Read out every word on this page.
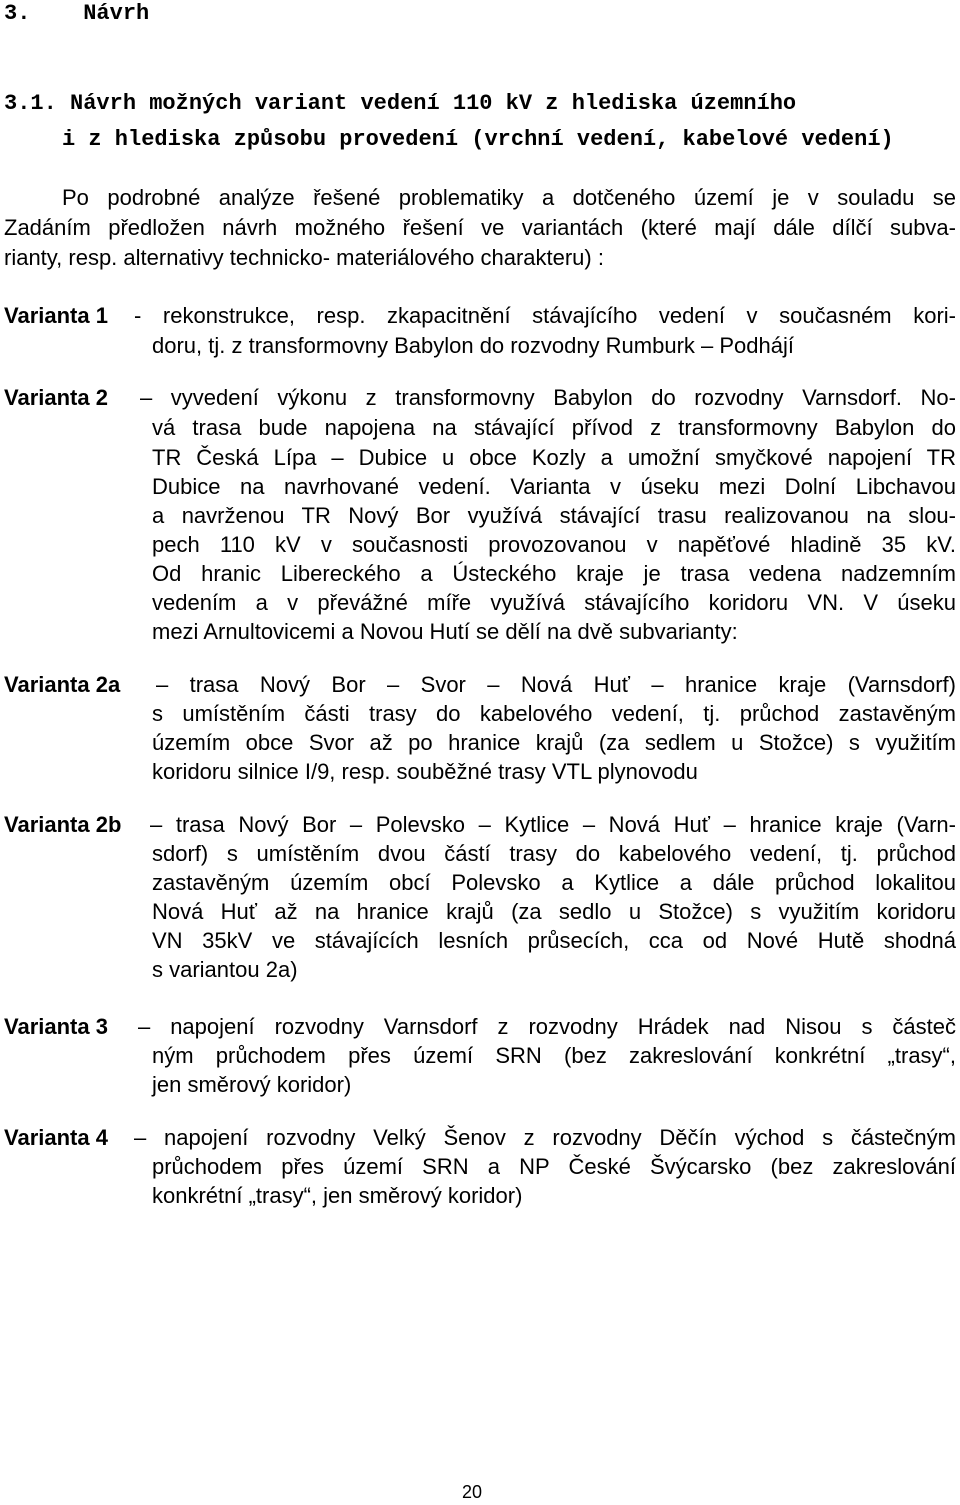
3. Návrh
3.1. Návrh možných variant vedení 110 kV z hlediska územního
i z hlediska způsobu provedení (vrchní vedení, kabelové vedení)
Po podrobné analýze řešené problematiky a dotčeného území je v souladu se
Zadáním předložen návrh možného řešení ve variantách (které mají dále dílčí subva-
rianty, resp. alternativy technicko- materiálového charakteru) :
Varianta 1 - rekonstrukce, resp. zkapacitnění stávajícího vedení v současném kori-
doru, tj. z transformovny Babylon do rozvodny Rumburk – Podhájí
Varianta 2 – vyvedení výkonu z transformovny Babylon do rozvodny Varnsdorf. No-
vá trasa bude napojena na stávající přívod z transformovny Babylon do
TR Česká Lípa – Dubice u obce Kozly a umožní smyčkové napojení TR
Dubice na navrhované vedení. Varianta v úseku mezi Dolní Libchavou
a navrženou TR Nový Bor využívá stávající trasu realizovanou na slou-
pech 110 kV v současnosti provozovanou v napěťové hladině 35 kV.
Od hranic Libereckého a Ústeckého kraje je trasa vedena nadzemním
vedením a v převážné míře využívá stávajícího koridoru VN. V úseku
mezi Arnultovicemi a Novou Hutí se dělí na dvě subvarianty:
Varianta 2a – trasa Nový Bor – Svor – Nová Huť – hranice kraje (Varnsdorf)
s umístěním části trasy do kabelového vedení, tj. průchod zastavěným
územím obce Svor až po hranice krajů (za sedlem u Stožce) s využitím
koridoru silnice I/9, resp. souběžné trasy VTL plynovodu
Varianta 2b – trasa Nový Bor – Polevsko – Kytlice – Nová Huť – hranice kraje (Varn-
sdorf) s umístěním dvou částí trasy do kabelového vedení, tj. průchod
zastavěným územím obcí Polevsko a Kytlice a dále průchod lokalitou
Nová Huť až na hranice krajů (za sedlo u Stožce) s využitím koridoru
VN 35kV ve stávajících lesních průsecích, cca od Nové Hutě shodná
s variantou 2a)
Varianta 3 – napojení rozvodny Varnsdorf z rozvodny Hrádek nad Nisou s částeč
ným průchodem přes území SRN (bez zakreslování konkrétní „trasy“,
jen směrový koridor)
Varianta 4 – napojení rozvodny Velký Šenov z rozvodny Děčín východ s částečným
průchodem přes území SRN a NP České Švýcarsko (bez zakreslování
konkrétní „trasy“, jen směrový koridor)
20
